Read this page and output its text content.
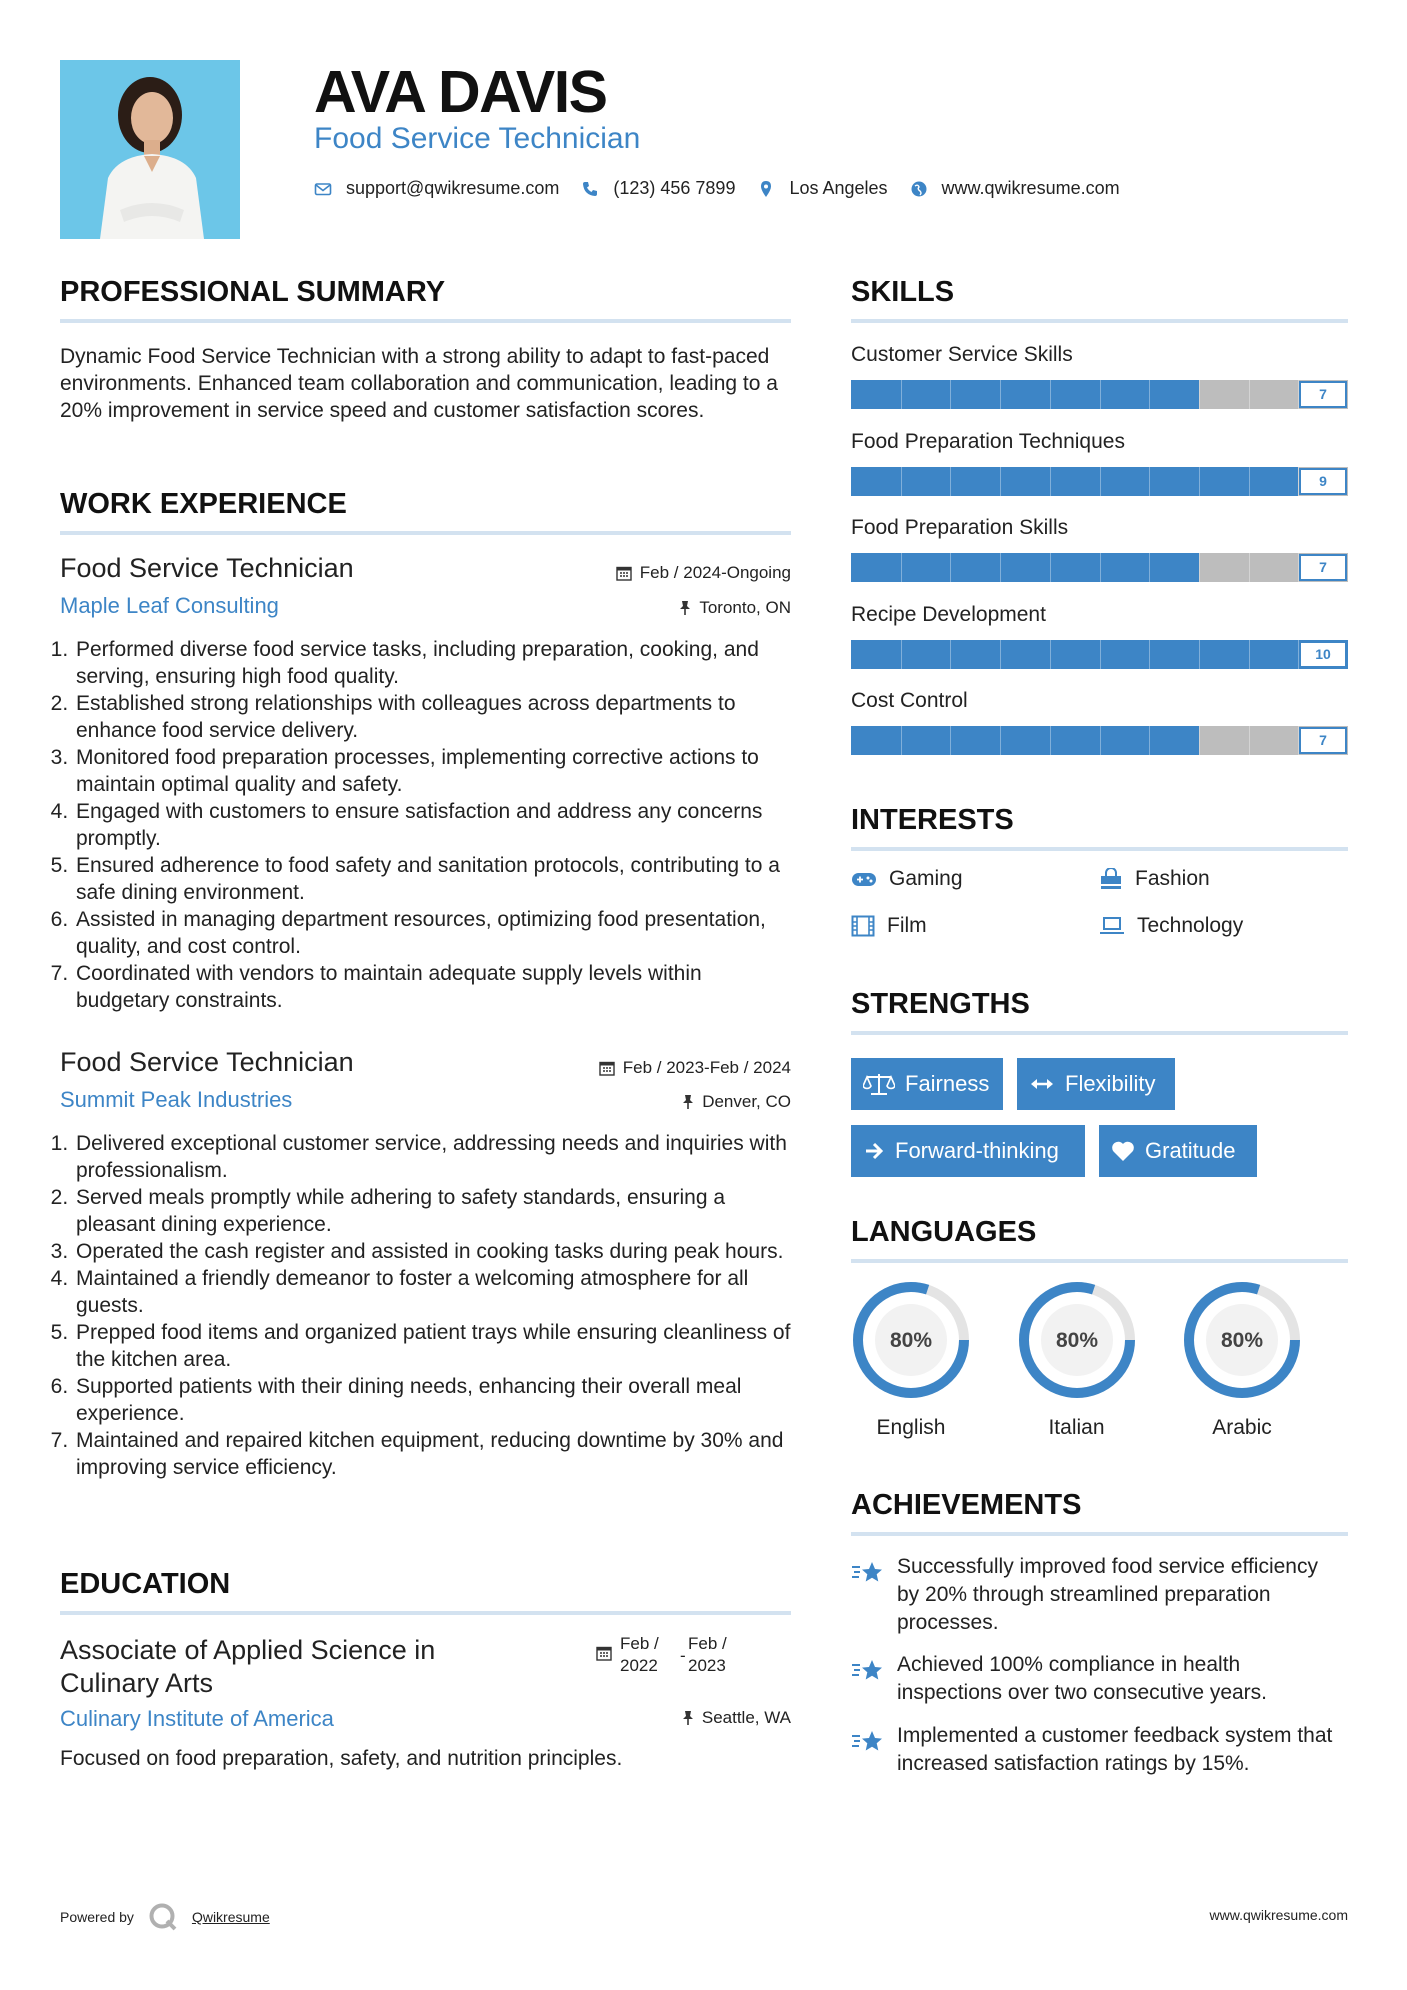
AVA DAVIS
Food Service Technician
support@qwikresume.com	(123) 456 7899	Los Angeles	www.qwikresume.com
PROFESSIONAL SUMMARY
Dynamic Food Service Technician with a strong ability to adapt to fast-paced environments. Enhanced team collaboration and communication, leading to a 20% improvement in service speed and customer satisfaction scores.
WORK EXPERIENCE
Food Service Technician	Feb / 2024-Ongoing
Maple Leaf Consulting	Toronto, ON
1. Performed diverse food service tasks, including preparation, cooking, and serving, ensuring high food quality.
2. Established strong relationships with colleagues across departments to enhance food service delivery.
3. Monitored food preparation processes, implementing corrective actions to maintain optimal quality and safety.
4. Engaged with customers to ensure satisfaction and address any concerns promptly.
5. Ensured adherence to food safety and sanitation protocols, contributing to a safe dining environment.
6. Assisted in managing department resources, optimizing food presentation, quality, and cost control.
7. Coordinated with vendors to maintain adequate supply levels within budgetary constraints.
Food Service Technician	Feb / 2023-Feb / 2024
Summit Peak Industries	Denver, CO
1. Delivered exceptional customer service, addressing needs and inquiries with professionalism.
2. Served meals promptly while adhering to safety standards, ensuring a pleasant dining experience.
3. Operated the cash register and assisted in cooking tasks during peak hours.
4. Maintained a friendly demeanor to foster a welcoming atmosphere for all guests.
5. Prepped food items and organized patient trays while ensuring cleanliness of the kitchen area.
6. Supported patients with their dining needs, enhancing their overall meal experience.
7. Maintained and repaired kitchen equipment, reducing downtime by 30% and improving service efficiency.
EDUCATION
Associate of Applied Science in
Culinary Arts
Feb /
2022
-
Feb /
2023
Culinary Institute of America	Seattle, WA
Focused on food preparation, safety, and nutrition principles.
SKILLS
Customer Service Skills
7
Food Preparation Techniques
9
Food Preparation Skills
7
Recipe Development
10
Cost Control
7
INTERESTS
Gaming	Fashion
Film	Technology
STRENGTHS
Fairness	Flexibility
Forward-thinking	Gratitude
LANGUAGES
80%
English
80%
Italian
80%
Arabic
ACHIEVEMENTS
Successfully improved food service efficiency by 20% through streamlined preparation processes.
Achieved 100% compliance in health inspections over two consecutive years.
Implemented a customer feedback system that increased satisfaction ratings by 15%.
Powered by	Qwikresume	www.qwikresume.com
